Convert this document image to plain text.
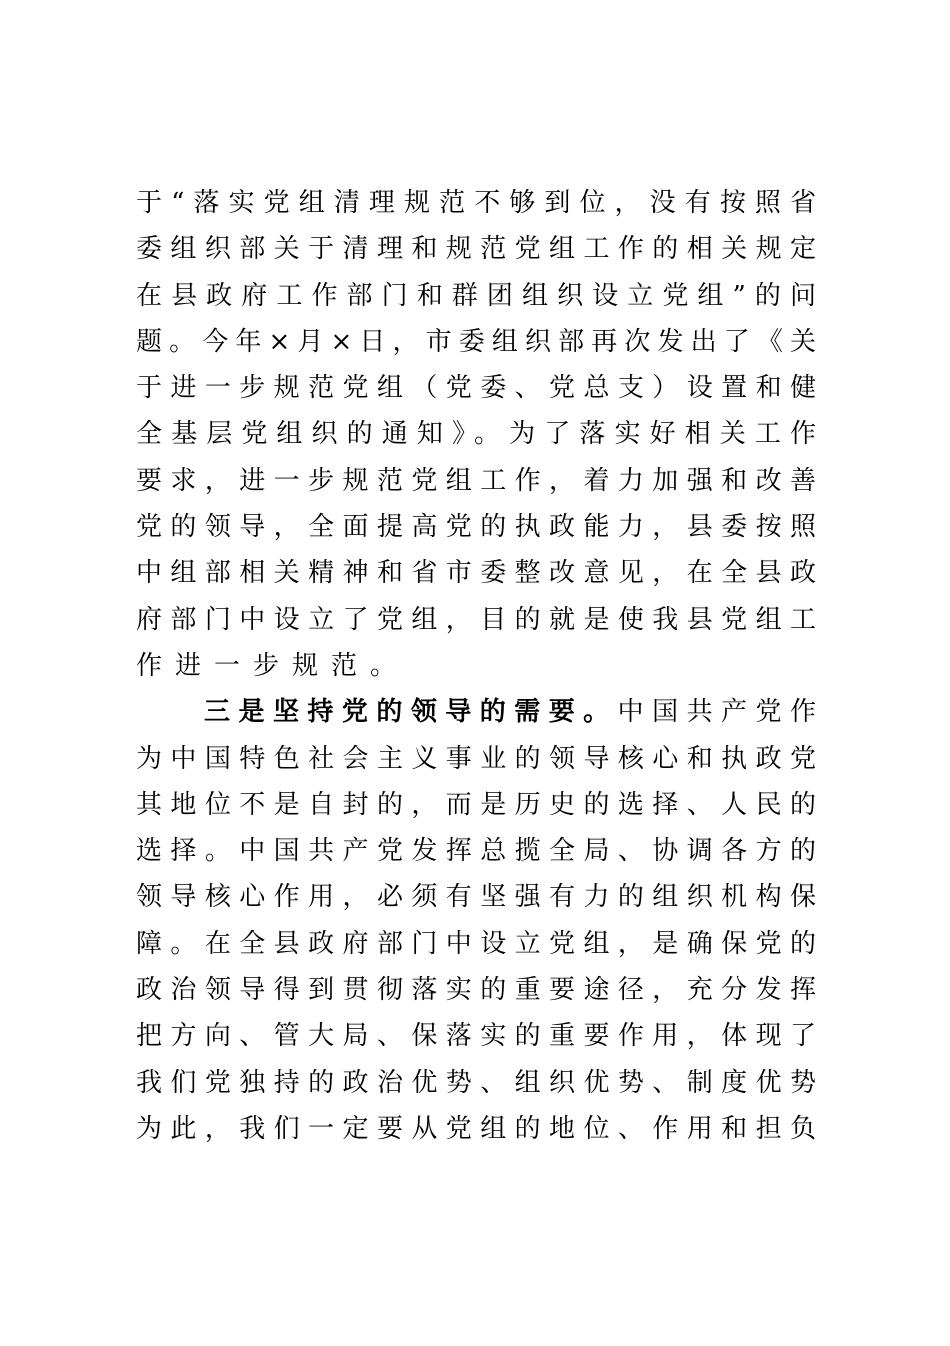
于“落实党组清理规范不够到位，没有按照省
委组织部关于清理和规范党组工作的相关规定
在县政府工作部门和群团组织设立党组”的问
题。今年×月×日，市委组织部再次发出了《关
于进一步规范党组（党委、党总支）设置和健
全基层党组织的通知》。为了落实好相关工作
要求，进一步规范党组工作，着力加强和改善
党的领导，全面提高党的执政能力，县委按照
中组部相关精神和省市委整改意见，在全县政
府部门中设立了党组，目的就是使我县党组工
作进一步规范。
三是坚持党的领导的需要。中国共产党作
为中国特色社会主义事业的领导核心和执政党
其地位不是自封的，而是历史的选择、人民的
选择。中国共产党发挥总揽全局、协调各方的
领导核心作用，必须有坚强有力的组织机构保
障。在全县政府部门中设立党组，是确保党的
政治领导得到贯彻落实的重要途径，充分发挥
把方向、管大局、保落实的重要作用，体现了
我们党独持的政治优势、组织优势、制度优势
为此，我们一定要从党组的地位、作用和担负
